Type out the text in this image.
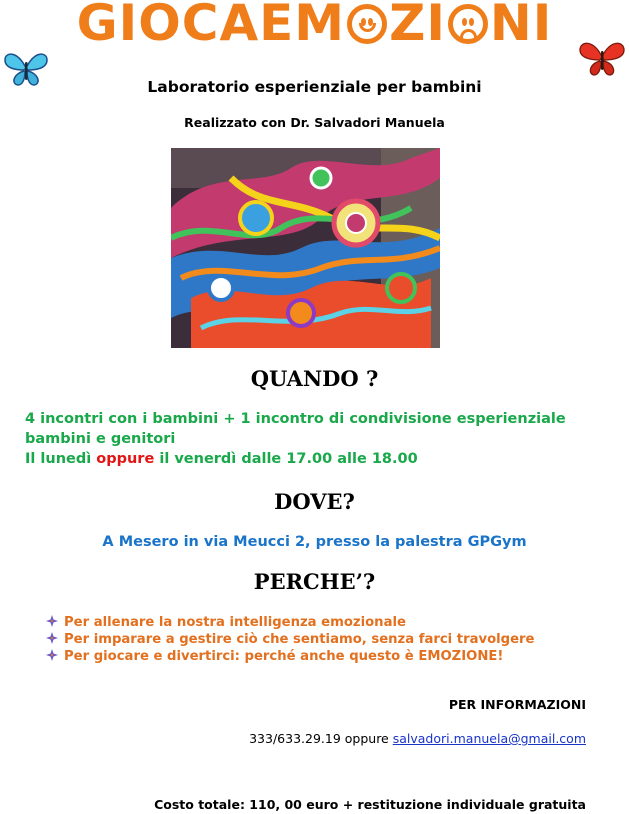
GIOCAEM ZI NI
Laboratorio esperienziale per bambini
Realizzato con Dr. Salvadori Manuela
QUANDO ?
4 incontri con i bambini + 1 incontro di condivisione esperienziale
bambini e genitori
Il lunedì oppure il venerdì dalle 17.00 alle 18.00
DOVE?
A Mesero in via Meucci 2, presso la palestra GPGym
PERCHE’?
Per allenare la nostra intelligenza emozionale
Per imparare a gestire ciò che sentiamo, senza farci travolgere
Per giocare e divertirci: perché anche questo è EMOZIONE!
PER INFORMAZIONI
333/633.29.19 oppure salvadori.manuela@gmail.com
Costo totale: 110, 00 euro + restituzione individuale gratuita
